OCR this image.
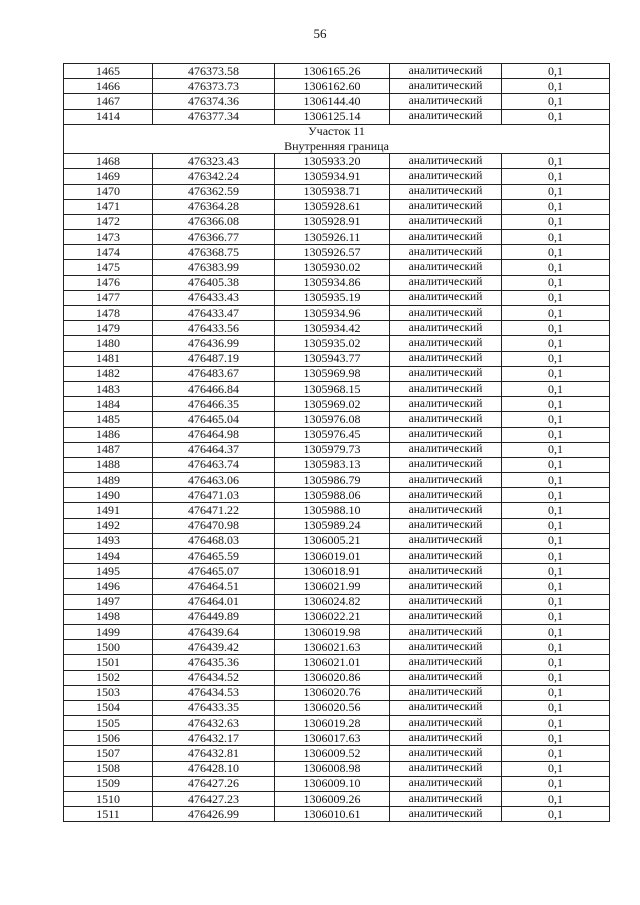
56
1465	476373.58	1306165.26	аналитический	0,1
1466	476373.73	1306162.60	аналитический	0,1
1467	476374.36	1306144.40	аналитический	0,1
1414	476377.34	1306125.14	аналитический	0,1
Участок 11				
Внутренняя граница				
1468	476323.43	1305933.20	аналитический	0,1
1469	476342.24	1305934.91	аналитический	0,1
1470	476362.59	1305938.71	аналитический	0,1
1471	476364.28	1305928.61	аналитический	0,1
1472	476366.08	1305928.91	аналитический	0,1
1473	476366.77	1305926.11	аналитический	0,1
1474	476368.75	1305926.57	аналитический	0,1
1475	476383.99	1305930.02	аналитический	0,1
1476	476405.38	1305934.86	аналитический	0,1
1477	476433.43	1305935.19	аналитический	0,1
1478	476433.47	1305934.96	аналитический	0,1
1479	476433.56	1305934.42	аналитический	0,1
1480	476436.99	1305935.02	аналитический	0,1
1481	476487.19	1305943.77	аналитический	0,1
1482	476483.67	1305969.98	аналитический	0,1
1483	476466.84	1305968.15	аналитический	0,1
1484	476466.35	1305969.02	аналитический	0,1
1485	476465.04	1305976.08	аналитический	0,1
1486	476464.98	1305976.45	аналитический	0,1
1487	476464.37	1305979.73	аналитический	0,1
1488	476463.74	1305983.13	аналитический	0,1
1489	476463.06	1305986.79	аналитический	0,1
1490	476471.03	1305988.06	аналитический	0,1
1491	476471.22	1305988.10	аналитический	0,1
1492	476470.98	1305989.24	аналитический	0,1
1493	476468.03	1306005.21	аналитический	0,1
1494	476465.59	1306019.01	аналитический	0,1
1495	476465.07	1306018.91	аналитический	0,1
1496	476464.51	1306021.99	аналитический	0,1
1497	476464.01	1306024.82	аналитический	0,1
1498	476449.89	1306022.21	аналитический	0,1
1499	476439.64	1306019.98	аналитический	0,1
1500	476439.42	1306021.63	аналитический	0,1
1501	476435.36	1306021.01	аналитический	0,1
1502	476434.52	1306020.86	аналитический	0,1
1503	476434.53	1306020.76	аналитический	0,1
1504	476433.35	1306020.56	аналитический	0,1
1505	476432.63	1306019.28	аналитический	0,1
1506	476432.17	1306017.63	аналитический	0,1
1507	476432.81	1306009.52	аналитический	0,1
1508	476428.10	1306008.98	аналитический	0,1
1509	476427.26	1306009.10	аналитический	0,1
1510	476427.23	1306009.26	аналитический	0,1
1511	476426.99	1306010.61	аналитический	0,1
